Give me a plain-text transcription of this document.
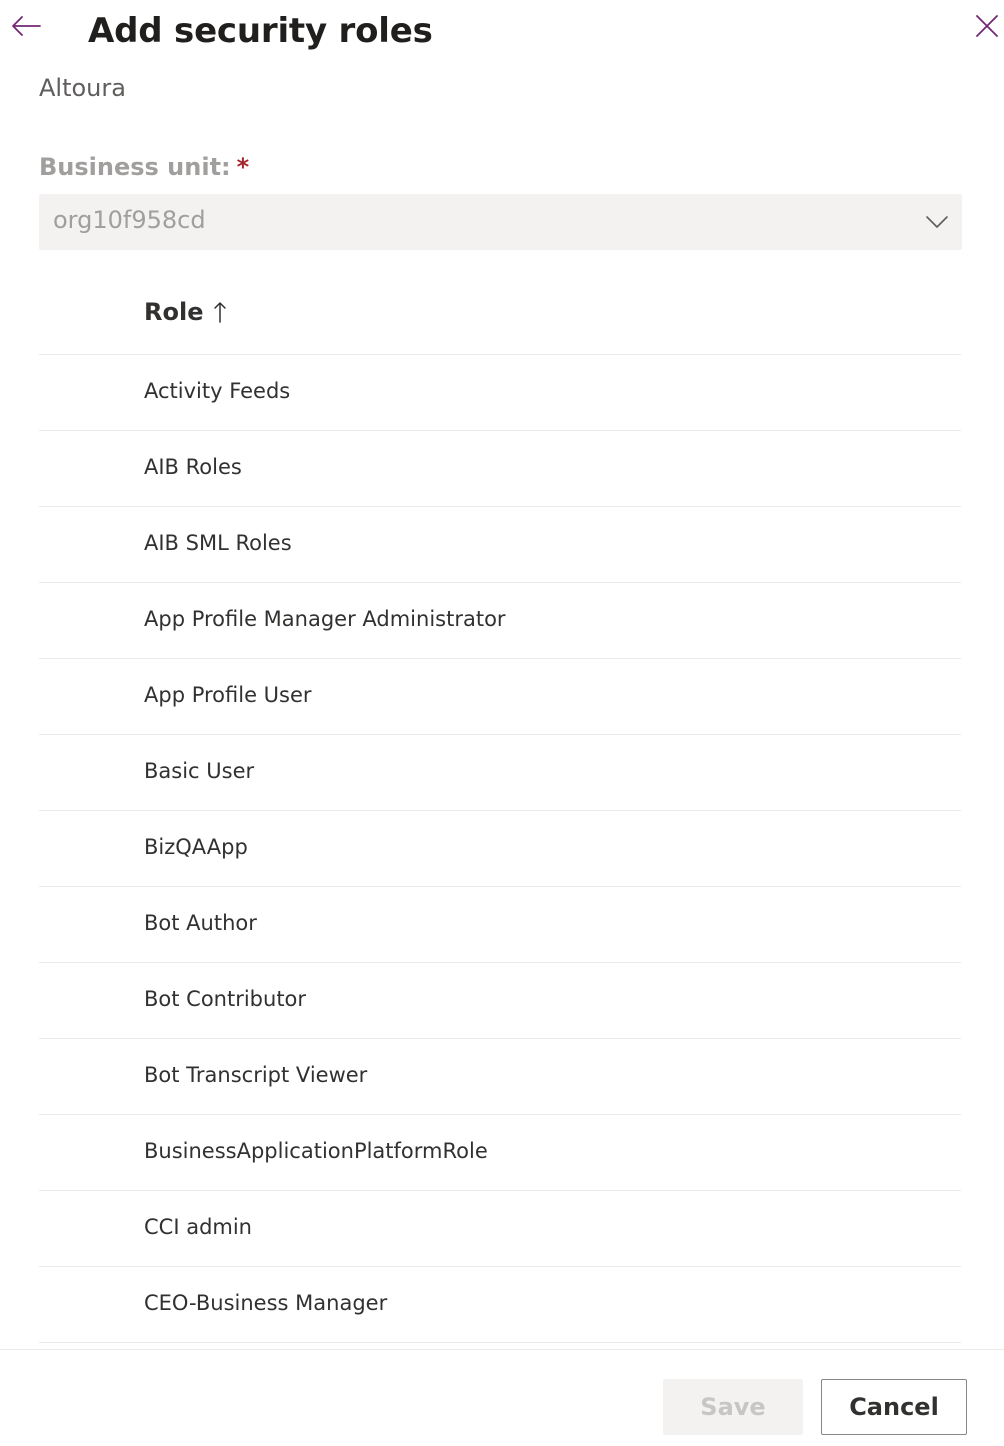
Add security roles
Altoura
Business unit: *
org10f958cd
Role
Activity Feeds
AIB Roles
AIB SML Roles
App Profile Manager Administrator
App Profile User
Basic User
BizQAApp
Bot Author
Bot Contributor
Bot Transcript Viewer
BusinessApplicationPlatformRole
CCI admin
CEO-Business Manager
Save	Cancel
